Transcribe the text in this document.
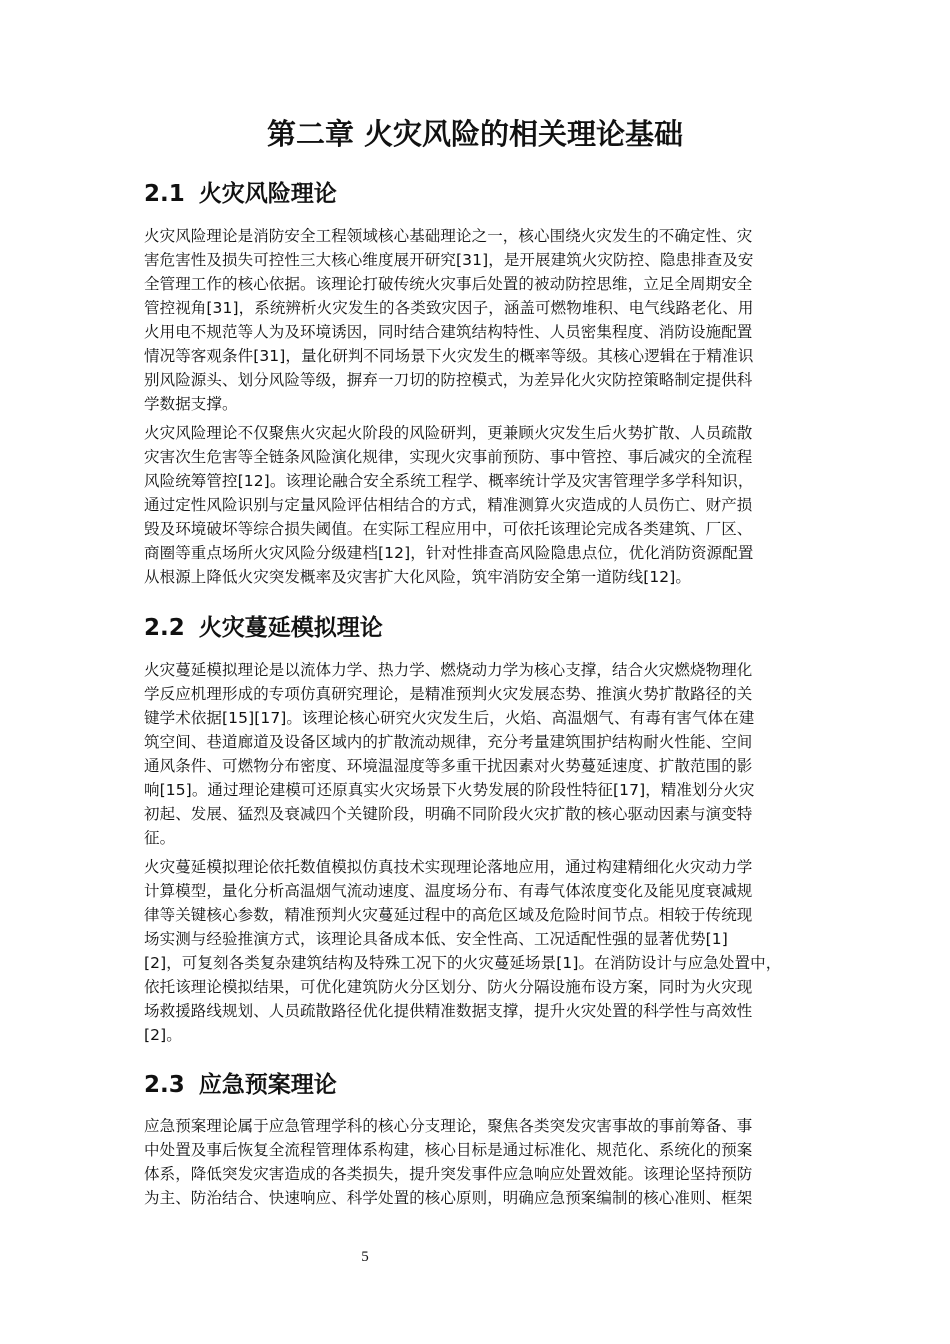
第二章 火灾风险的相关理论基础
2.1 火灾风险理论
火灾风险理论是消防安全工程领域核心基础理论之一，核心围绕火灾发生的不确定性、灾
害危害性及损失可控性三大核心维度展开研究[31]，是开展建筑火灾防控、隐患排查及安
全管理工作的核心依据。该理论打破传统火灾事后处置的被动防控思维，立足全周期安全
管控视角[31]，系统辨析火灾发生的各类致灾因子，涵盖可燃物堆积、电气线路老化、用
火用电不规范等人为及环境诱因，同时结合建筑结构特性、人员密集程度、消防设施配置
情况等客观条件[31]，量化研判不同场景下火灾发生的概率等级。其核心逻辑在于精准识
别风险源头、划分风险等级，摒弃一刀切的防控模式，为差异化火灾防控策略制定提供科
学数据支撑。
火灾风险理论不仅聚焦火灾起火阶段的风险研判，更兼顾火灾发生后火势扩散、人员疏散
灾害次生危害等全链条风险演化规律，实现火灾事前预防、事中管控、事后减灾的全流程
风险统筹管控[12]。该理论融合安全系统工程学、概率统计学及灾害管理学多学科知识，
通过定性风险识别与定量风险评估相结合的方式，精准测算火灾造成的人员伤亡、财产损
毁及环境破坏等综合损失阈值。在实际工程应用中，可依托该理论完成各类建筑、厂区、
商圈等重点场所火灾风险分级建档[12]，针对性排查高风险隐患点位，优化消防资源配置
从根源上降低火灾突发概率及灾害扩大化风险，筑牢消防安全第一道防线[12]。
2.2 火灾蔓延模拟理论
火灾蔓延模拟理论是以流体力学、热力学、燃烧动力学为核心支撑，结合火灾燃烧物理化
学反应机理形成的专项仿真研究理论，是精准预判火灾发展态势、推演火势扩散路径的关
键学术依据[15][17]。该理论核心研究火灾发生后，火焰、高温烟气、有毒有害气体在建
筑空间、巷道廊道及设备区域内的扩散流动规律，充分考量建筑围护结构耐火性能、空间
通风条件、可燃物分布密度、环境温湿度等多重干扰因素对火势蔓延速度、扩散范围的影
响[15]。通过理论建模可还原真实火灾场景下火势发展的阶段性特征[17]，精准划分火灾
初起、发展、猛烈及衰减四个关键阶段，明确不同阶段火灾扩散的核心驱动因素与演变特
征。
火灾蔓延模拟理论依托数值模拟仿真技术实现理论落地应用，通过构建精细化火灾动力学
计算模型，量化分析高温烟气流动速度、温度场分布、有毒气体浓度变化及能见度衰减规
律等关键核心参数，精准预判火灾蔓延过程中的高危区域及危险时间节点。相较于传统现
场实测与经验推演方式，该理论具备成本低、安全性高、工况适配性强的显著优势[1]
[2]，可复刻各类复杂建筑结构及特殊工况下的火灾蔓延场景[1]。在消防设计与应急处置中，
依托该理论模拟结果，可优化建筑防火分区划分、防火分隔设施布设方案，同时为火灾现
场救援路线规划、人员疏散路径优化提供精准数据支撑，提升火灾处置的科学性与高效性
[2]。
2.3 应急预案理论
应急预案理论属于应急管理学科的核心分支理论，聚焦各类突发灾害事故的事前筹备、事
中处置及事后恢复全流程管理体系构建，核心目标是通过标准化、规范化、系统化的预案
体系，降低突发灾害造成的各类损失，提升突发事件应急响应处置效能。该理论坚持预防
为主、防治结合、快速响应、科学处置的核心原则，明确应急预案编制的核心准则、框架
5
